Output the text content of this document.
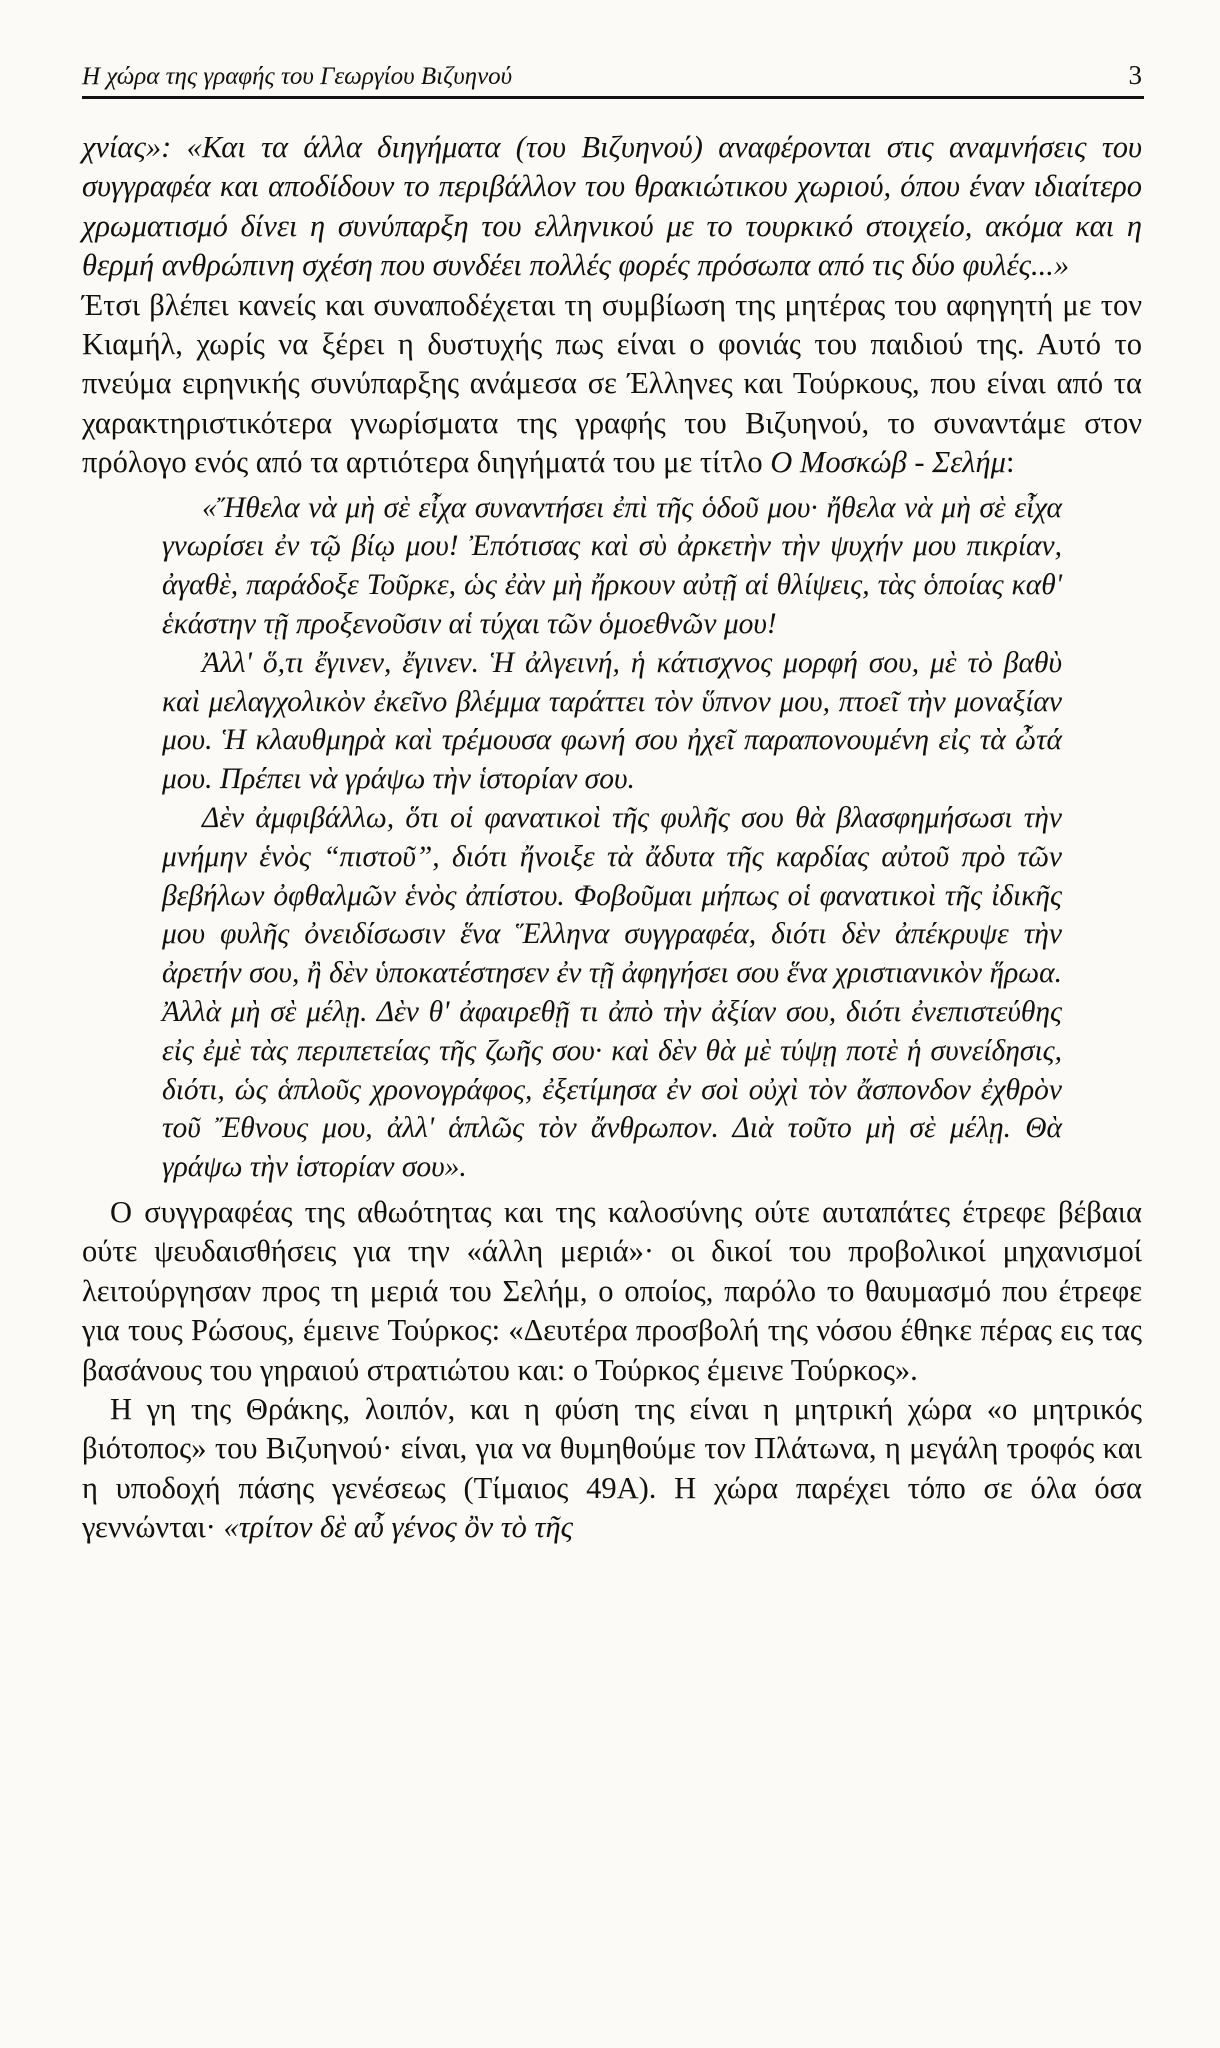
Η χώρα της γραφής του Γεωργίου Βιζυηνού	3

χνίας»: «Και τα άλλα διηγήματα (του Βιζυηνού) αναφέρονται στις αναμνήσεις του συγγραφέα και αποδίδουν το περιβάλλον του θρακιώτικου χωριού, όπου έναν ιδιαίτερο χρωματισμό δίνει η συνύπαρξη του ελληνικού με το τουρκικό στοιχείο, ακόμα και η θερμή ανθρώπινη σχέση που συνδέει πολλές φορές πρόσωπα από τις δύο φυλές...»

Έτσι βλέπει κανείς και συναποδέχεται τη συμβίωση της μητέρας του αφηγητή με τον Κιαμήλ, χωρίς να ξέρει η δυστυχής πως είναι ο φονιάς του παιδιού της. Αυτό το πνεύμα ειρηνικής συνύπαρξης ανάμεσα σε Έλληνες και Τούρκους, που είναι από τα χαρακτηριστικότερα γνωρίσματα της γραφής του Βιζυηνού, το συναντάμε στον πρόλογο ενός από τα αρτιότερα διηγήματά του με τίτλο Ο Μοσκώβ - Σελήμ:

«Ἤθελα νὰ μὴ σὲ εἶχα συναντήσει ἐπὶ τῆς ὁδοῦ μου· ἤθελα νὰ μὴ σὲ εἶχα γνωρίσει ἐν τῷ βίῳ μου! Ἐπότισας καὶ σὺ ἀρκετὴν τὴν ψυχήν μου πικρίαν, ἀγαθὲ, παράδοξε Τοῦρκε, ὡς ἐὰν μὴ ἤρκουν αὐτῇ αἱ θλίψεις, τὰς ὁποίας καθ' ἑκάστην τῇ προξενοῦσιν αἱ τύχαι τῶν ὁμοεθνῶν μου!

Ἀλλ' ὅ,τι ἔγινεν, ἔγινεν. Ἡ ἀλγεινή, ἡ κάτισχνος μορφή σου, μὲ τὸ βαθὺ καὶ μελαγχολικὸν ἐκεῖνο βλέμμα ταράττει τὸν ὕπνον μου, πτοεῖ τὴν μοναξίαν μου. Ἡ κλαυθμηρὰ καὶ τρέμουσα φωνή σου ἠχεῖ παραπονουμένη εἰς τὰ ὦτά μου. Πρέπει νὰ γράψω τὴν ἱστορίαν σου.

Δὲν ἀμφιβάλλω, ὅτι οἱ φανατικοὶ τῆς φυλῆς σου θὰ βλασφημήσωσι τὴν μνήμην ἑνὸς “πιστοῦ”, διότι ἤνοιξε τὰ ἄδυτα τῆς καρδίας αὐτοῦ πρὸ τῶν βεβήλων ὀφθαλμῶν ἑνὸς ἀπίστου. Φοβοῦμαι μήπως οἱ φανατικοὶ τῆς ἰδικῆς μου φυλῆς ὀνειδίσωσιν ἕνα Ἕλληνα συγγραφέα, διότι δὲν ἀπέκρυψε τὴν ἀρετήν σου, ἢ δὲν ὑποκατέστησεν ἐν τῇ ἀφηγήσει σου ἕνα χριστιανικὸν ἥρωα. Ἀλλὰ μὴ σὲ μέλῃ. Δὲν θ' ἀφαιρεθῇ τι ἀπὸ τὴν ἀξίαν σου, διότι ἐνεπιστεύθης εἰς ἐμὲ τὰς περιπετείας τῆς ζωῆς σου· καὶ δὲν θὰ μὲ τύψῃ ποτὲ ἡ συνείδησις, διότι, ὡς ἁπλοῦς χρονογράφος, ἐξετίμησα ἐν σοὶ οὐχὶ τὸν ἄσπονδον ἐχθρὸν τοῦ Ἔθνους μου, ἀλλ' ἁπλῶς τὸν ἄνθρωπον. Διὰ τοῦτο μὴ σὲ μέλῃ. Θὰ γράψω τὴν ἱστορίαν σου».

Ο συγγραφέας της αθωότητας και της καλοσύνης ούτε αυταπάτες έτρεφε βέβαια ούτε ψευδαισθήσεις για την «άλλη μεριά»· οι δικοί του προβολικοί μηχανισμοί λειτούργησαν προς τη μεριά του Σελήμ, ο οποίος, παρόλο το θαυμασμό που έτρεφε για τους Ρώσους, έμεινε Τούρκος: «Δευτέρα προσβολή της νόσου έθηκε πέρας εις τας βασάνους του γηραιού στρατιώτου και: ο Τούρκος έμεινε Τούρκος».

Η γη της Θράκης, λοιπόν, και η φύση της είναι η μητρική χώρα «ο μητρικός βιότοπος» του Βιζυηνού· είναι, για να θυμηθούμε τον Πλάτωνα, η μεγάλη τροφός και η υποδοχή πάσης γενέσεως (Τίμαιος 49Α). Η χώρα παρέχει τόπο σε όλα όσα γεννώνται· «τρίτον δὲ αὖ γένος ὂν τὸ τῆς
